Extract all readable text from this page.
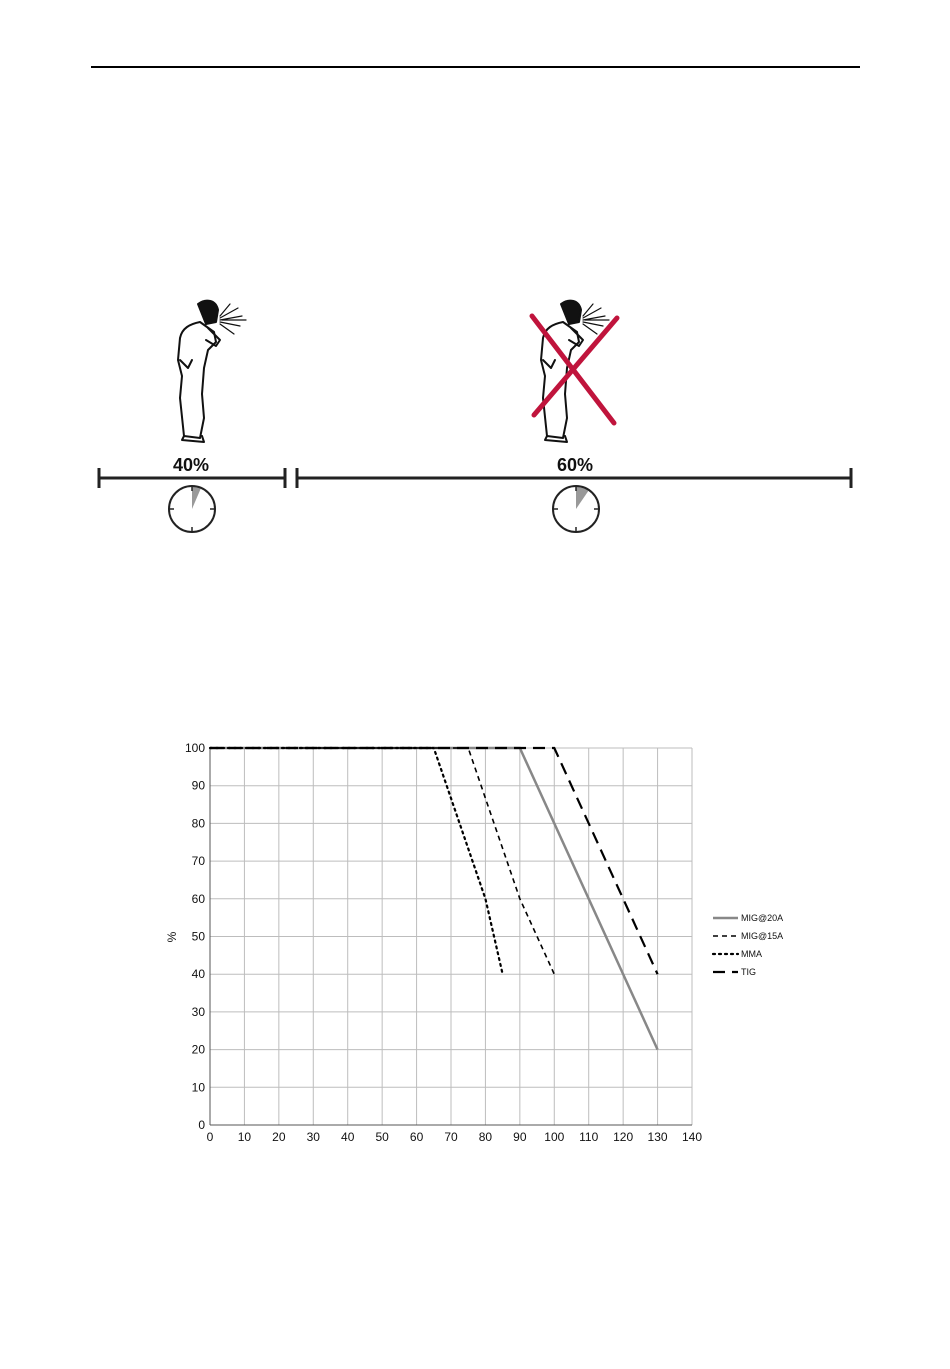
40%	60%
0 10 20 30 40 50 60 70 80 90 100 110 120 130 140
0
10
20
30
40
50
60
70
80
90
100
%
MIG@20A
MIG@15A
MMA
TIG
